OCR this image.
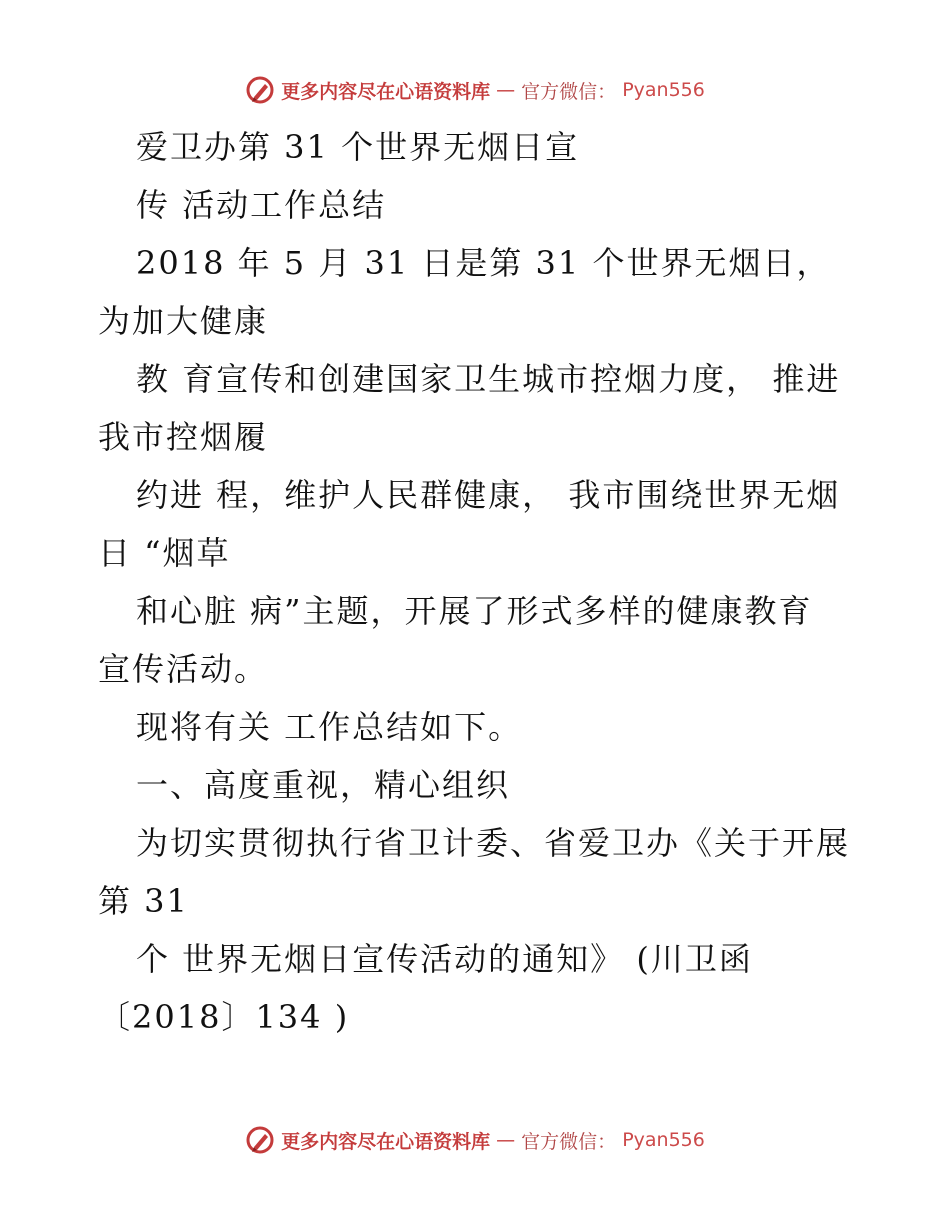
更多内容尽在心语资料库 — 官方微信： Pyan556
爱卫办第 31 个世界无烟日宣
传 活动工作总结
2018 年 5 月 31 日是第 31 个世界无烟日，
为加大健康
教 育宣传和创建国家卫生城市控烟力度， 推进
我市控烟履
约进 程，维护人民群健康， 我市围绕世界无烟
日 “烟草
和心脏 病”主题，开展了形式多样的健康教育
宣传活动。
现将有关 工作总结如下。
一、高度重视，精心组织
为切实贯彻执行省卫计委、省爱卫办《关于开展
第 31
个 世界无烟日宣传活动的通知》 (川卫函
〔2018〕134 )
更多内容尽在心语资料库 — 官方微信： Pyan556
